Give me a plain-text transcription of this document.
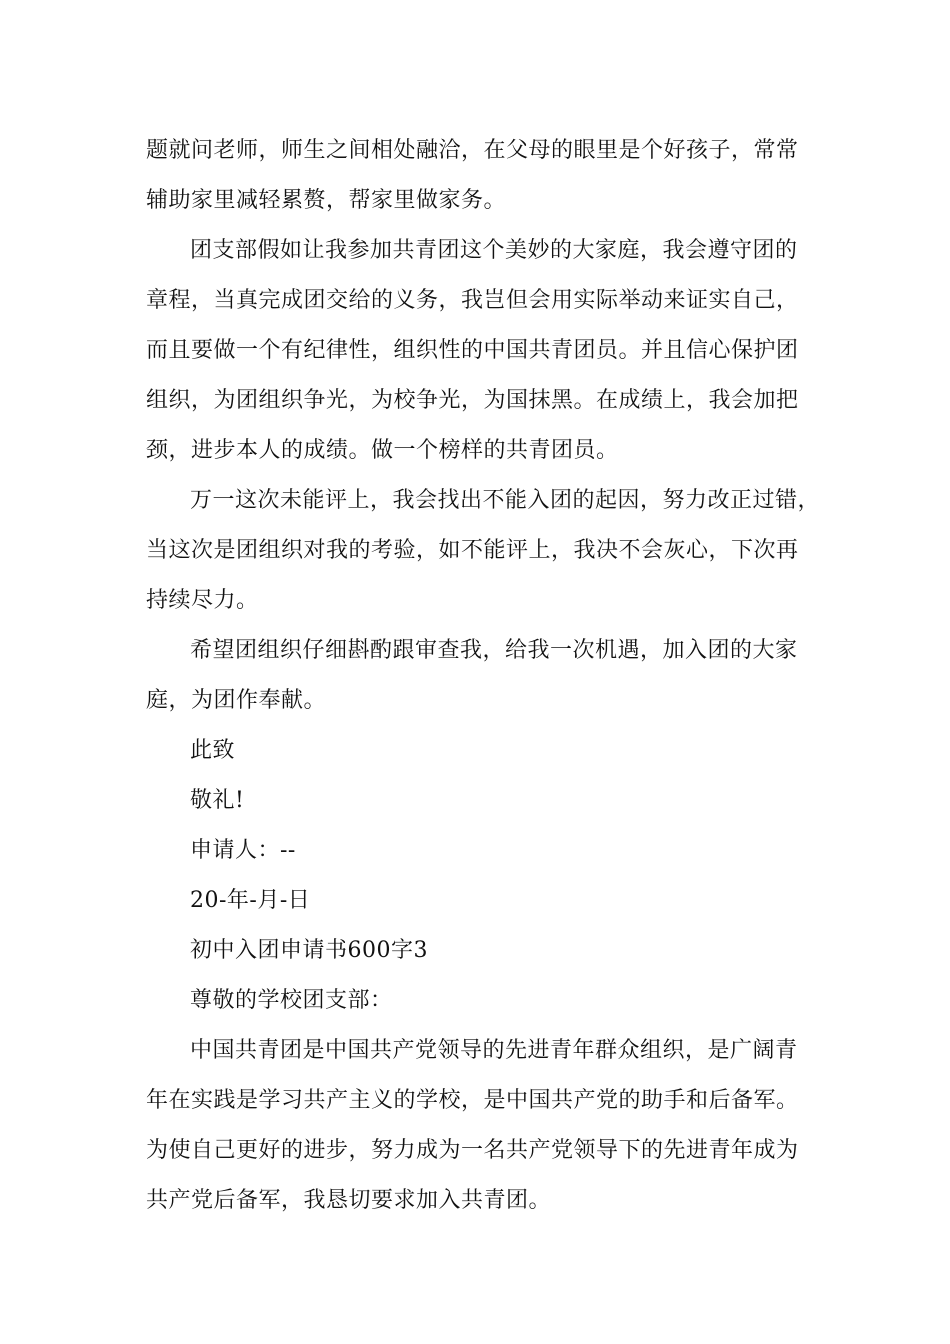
题就问老师，师生之间相处融洽，在父母的眼里是个好孩子，常常
辅助家里减轻累赘，帮家里做家务。
团支部假如让我参加共青团这个美妙的大家庭，我会遵守团的
章程，当真完成团交给的义务，我岂但会用实际举动来证实自己，
而且要做一个有纪律性，组织性的中国共青团员。并且信心保护团
组织，为团组织争光，为校争光，为国抹黑。在成绩上，我会加把
颈，进步本人的成绩。做一个榜样的共青团员。
万一这次未能评上，我会找出不能入团的起因，努力改正过错，
当这次是团组织对我的考验，如不能评上，我决不会灰心，下次再
持续尽力。
希望团组织仔细斟酌跟审查我，给我一次机遇，加入团的大家
庭，为团作奉献。
此致
敬礼!
申请人：--
20-年-月-日
初中入团申请书600字3
尊敬的学校团支部：
中国共青团是中国共产党领导的先进青年群众组织，是广阔青
年在实践是学习共产主义的学校，是中国共产党的助手和后备军。
为使自己更好的进步，努力成为一名共产党领导下的先进青年成为
共产党后备军，我恳切要求加入共青团。
